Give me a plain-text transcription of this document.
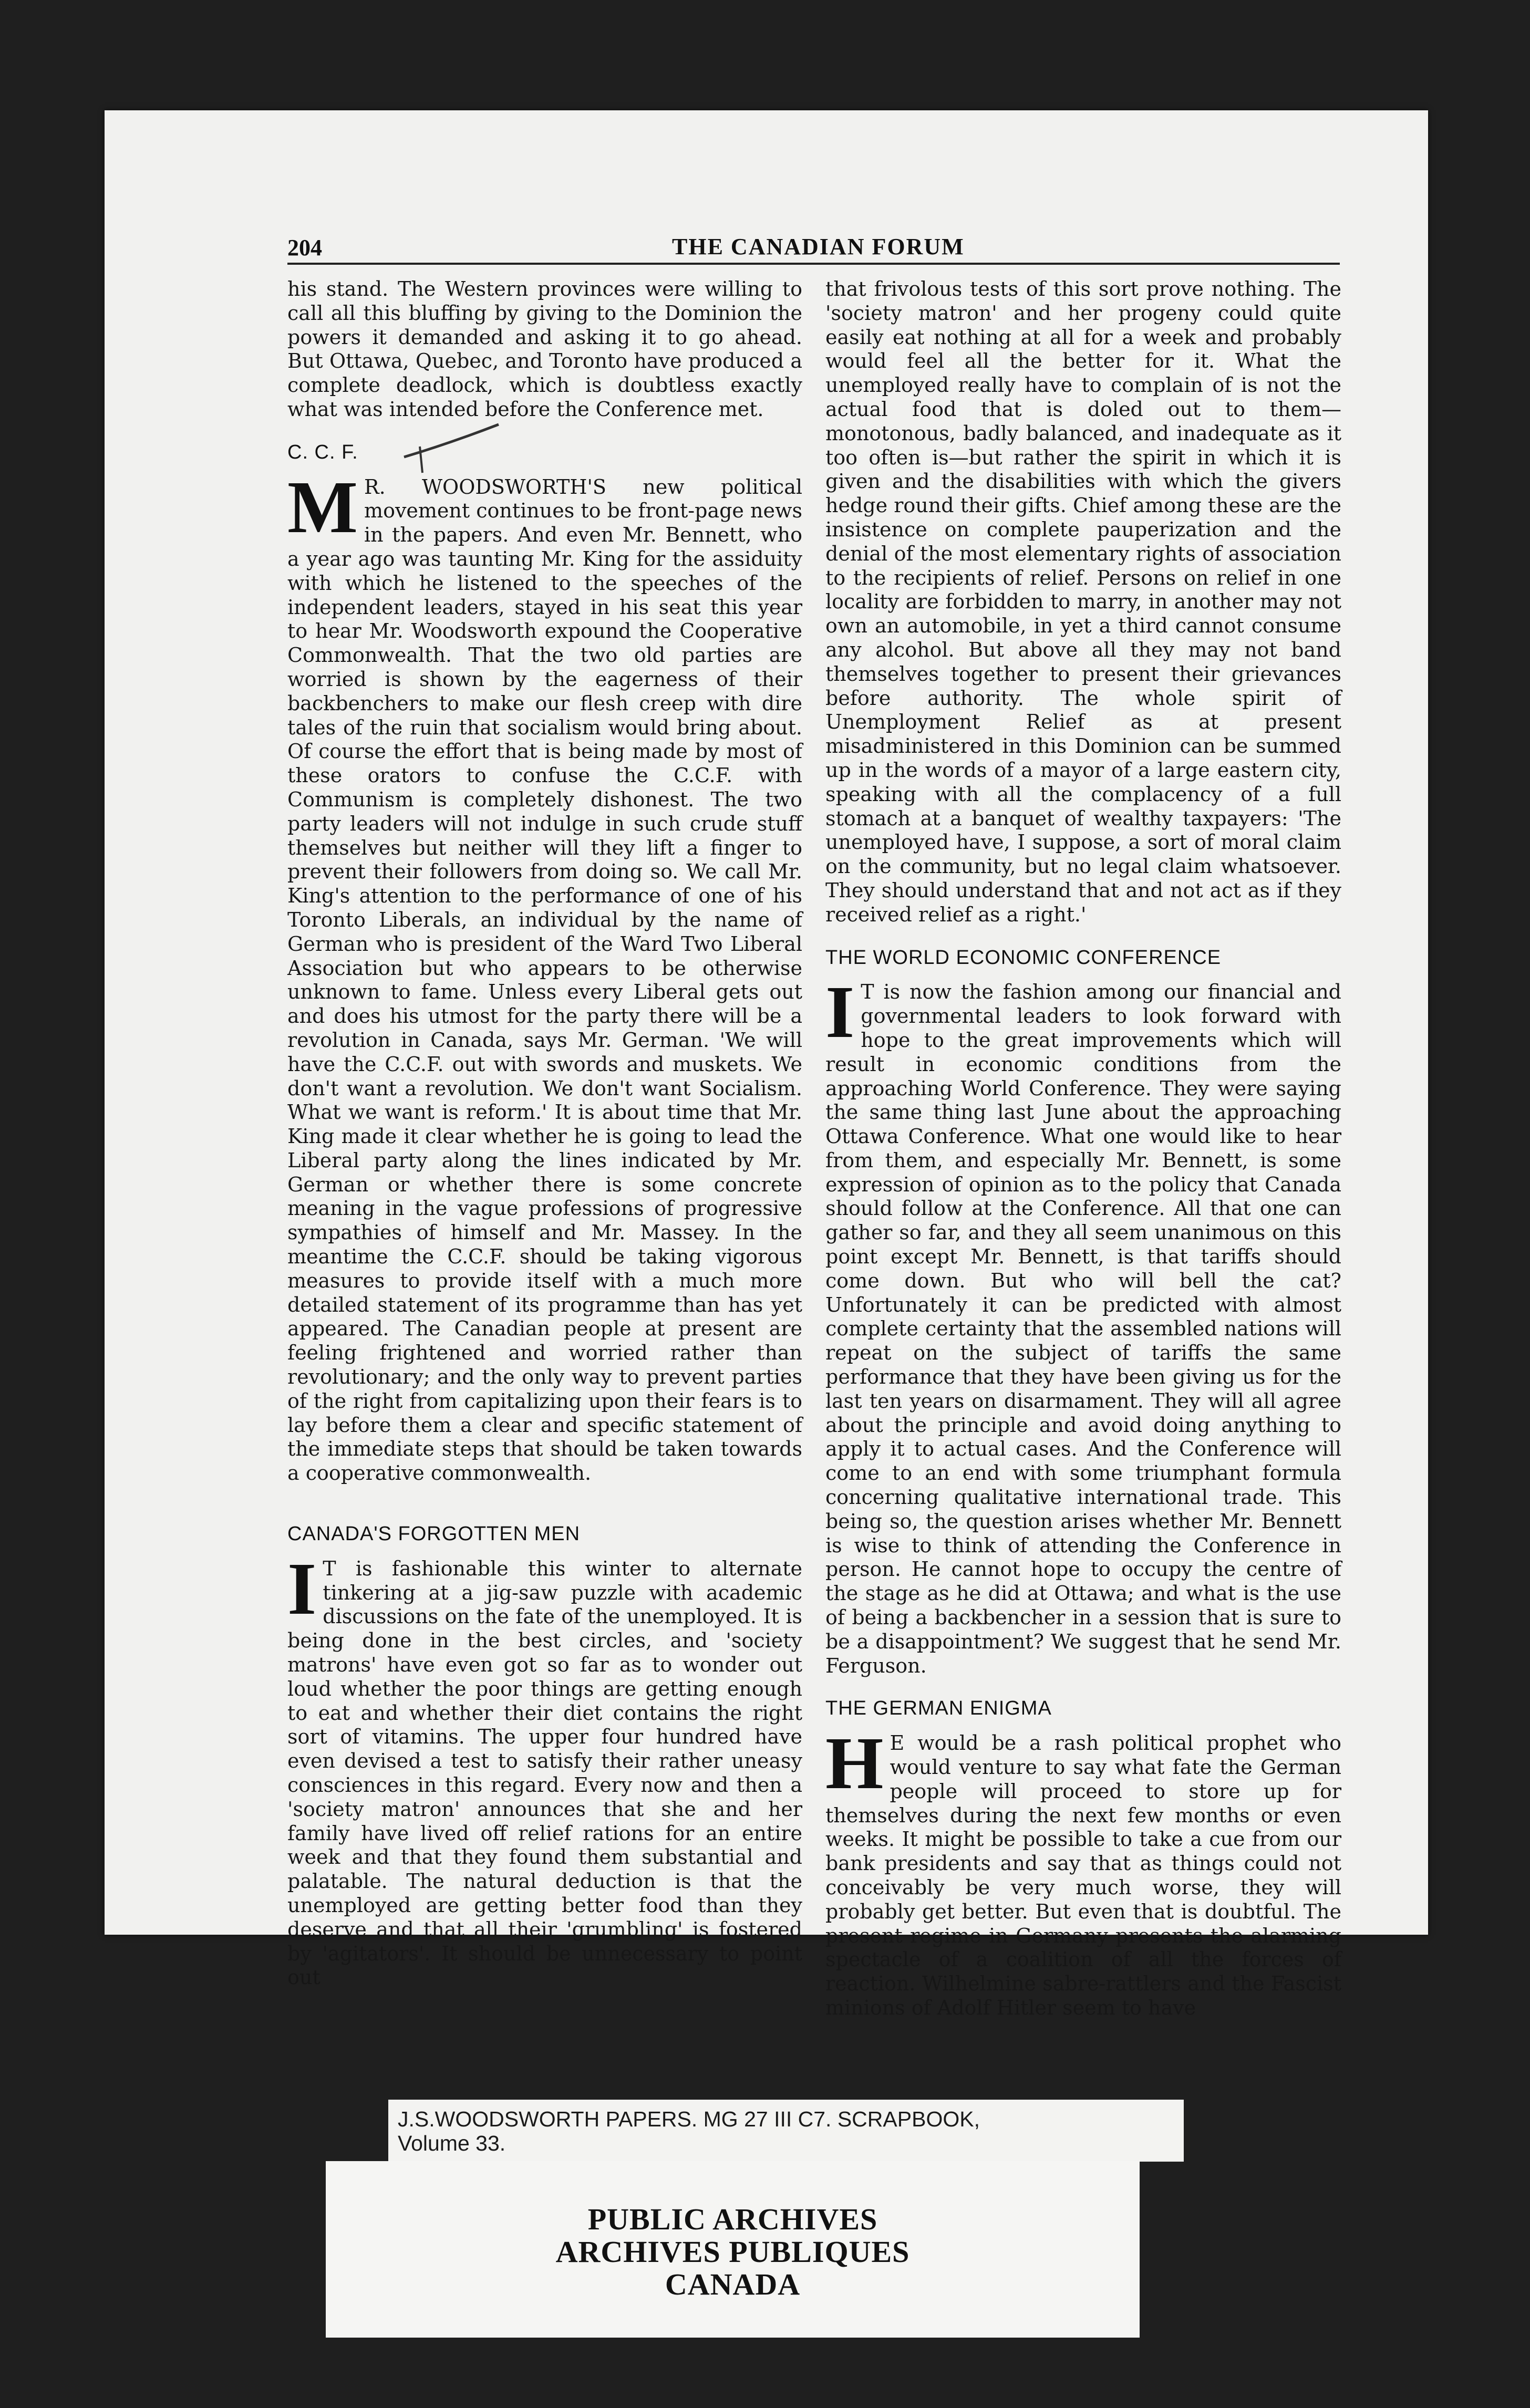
204	THE CANADIAN FORUM

his stand. The Western provinces were willing to call all this bluffing by giving to the Dominion the powers it demanded and asking it to go ahead. But Ottawa, Quebec, and Toronto have produced a complete deadlock, which is doubtless exactly what was intended before the Conference met.

C. C. F.

M R. WOODSWORTH'S new political movement continues to be front-page news in the papers. And even Mr. Bennett, who a year ago was taunting Mr. King for the assiduity with which he listened to the speeches of the independent leaders, stayed in his seat this year to hear Mr. Woodsworth expound the Cooperative Commonwealth. That the two old parties are worried is shown by the eagerness of their backbenchers to make our flesh creep with dire tales of the ruin that socialism would bring about. Of course the effort that is being made by most of these orators to confuse the C.C.F. with Communism is completely dishonest. The two party leaders will not indulge in such crude stuff themselves but neither will they lift a finger to prevent their followers from doing so. We call Mr. King's attention to the performance of one of his Toronto Liberals, an individual by the name of German who is president of the Ward Two Liberal Association but who appears to be otherwise unknown to fame. Unless every Liberal gets out and does his utmost for the party there will be a revolution in Canada, says Mr. German. 'We will have the C.C.F. out with swords and muskets. We don't want a revolution. We don't want Socialism. What we want is reform.' It is about time that Mr. King made it clear whether he is going to lead the Liberal party along the lines indicated by Mr. German or whether there is some concrete meaning in the vague professions of progressive sympathies of himself and Mr. Massey. In the meantime the C.C.F. should be taking vigorous measures to provide itself with a much more detailed statement of its programme than has yet appeared. The Canadian people at present are feeling frightened and worried rather than revolutionary; and the only way to prevent parties of the right from capitalizing upon their fears is to lay before them a clear and specific statement of the immediate steps that should be taken towards a cooperative commonwealth.

CANADA'S FORGOTTEN MEN

I T is fashionable this winter to alternate tinkering at a jig-saw puzzle with academic discussions on the fate of the unemployed. It is being done in the best circles, and 'society matrons' have even got so far as to wonder out loud whether the poor things are getting enough to eat and whether their diet contains the right sort of vitamins. The upper four hundred have even devised a test to satisfy their rather uneasy consciences in this regard. Every now and then a 'society matron' announces that she and her family have lived off relief rations for an entire week and that they found them substantial and palatable. The natural deduction is that the unemployed are getting better food than they deserve and that all their 'grumbling' is fostered by 'agitators'. It should be unnecessary to point out

that frivolous tests of this sort prove nothing. The 'society matron' and her progeny could quite easily eat nothing at all for a week and probably would feel all the better for it. What the unemployed really have to complain of is not the actual food that is doled out to them—monotonous, badly balanced, and inadequate as it too often is—but rather the spirit in which it is given and the disabilities with which the givers hedge round their gifts. Chief among these are the insistence on complete pauperization and the denial of the most elementary rights of association to the recipients of relief. Persons on relief in one locality are forbidden to marry, in another may not own an automobile, in yet a third cannot consume any alcohol. But above all they may not band themselves together to present their grievances before authority. The whole spirit of Unemployment Relief as at present misadministered in this Dominion can be summed up in the words of a mayor of a large eastern city, speaking with all the complacency of a full stomach at a banquet of wealthy taxpayers: 'The unemployed have, I suppose, a sort of moral claim on the community, but no legal claim whatsoever. They should understand that and not act as if they received relief as a right.'

THE WORLD ECONOMIC CONFERENCE

I T is now the fashion among our financial and governmental leaders to look forward with hope to the great improvements which will result in economic conditions from the approaching World Conference. They were saying the same thing last June about the approaching Ottawa Conference. What one would like to hear from them, and especially Mr. Bennett, is some expression of opinion as to the policy that Canada should follow at the Conference. All that one can gather so far, and they all seem unanimous on this point except Mr. Bennett, is that tariffs should come down. But who will bell the cat? Unfortunately it can be predicted with almost complete certainty that the assembled nations will repeat on the subject of tariffs the same performance that they have been giving us for the last ten years on disarmament. They will all agree about the principle and avoid doing anything to apply it to actual cases. And the Conference will come to an end with some triumphant formula concerning qualitative international trade. This being so, the question arises whether Mr. Bennett is wise to think of attending the Conference in person. He cannot hope to occupy the centre of the stage as he did at Ottawa; and what is the use of being a backbencher in a session that is sure to be a disappointment? We suggest that he send Mr. Ferguson.

THE GERMAN ENIGMA

H E would be a rash political prophet who would venture to say what fate the German people will proceed to store up for themselves during the next few months or even weeks. It might be possible to take a cue from our bank presidents and say that as things could not conceivably be very much worse, they will probably get better. But even that is doubtful. The present regime in Germany presents the alarming spectacle of a coalition of all the forces of reaction. Wilhelmine sabre-rattlers and the Fascist minions of Adolf Hitler seem to have

J.S.WOODSWORTH PAPERS. MG 27 III C7. SCRAPBOOK,
Volume 33.
PUBLIC ARCHIVES
ARCHIVES PUBLIQUES
CANADA
